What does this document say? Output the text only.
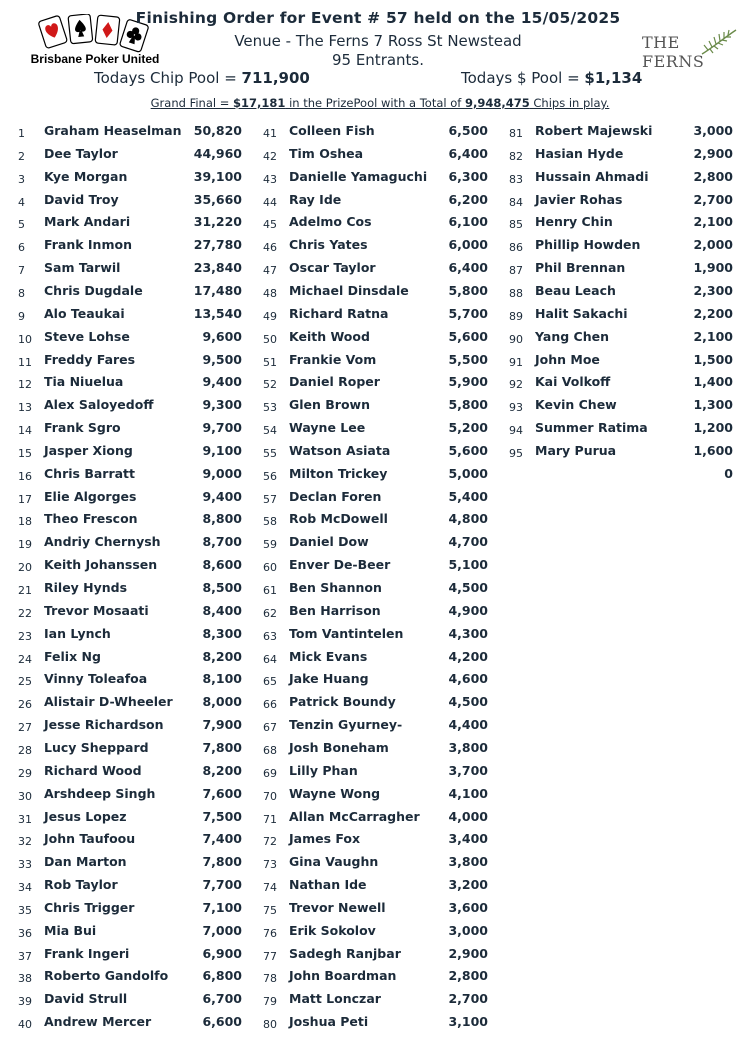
Brisbane Poker United
THE FERNS
Finishing Order for Event # 57 held on the 15/05/2025
Venue - The Ferns 7 Ross St Newstead
95 Entrants.
Todays Chip Pool = 711,900	Todays $ Pool = $1,134
Grand Final = $17,181 in the PrizePool with a Total of 9,948,475 Chips in play.
1 Graham Heaselman 50,820
2 Dee Taylor	44,960
3 Kye Morgan	39,100
4 David Troy	35,660
5 Mark Andari	31,220
6 Frank Inmon	27,780
7 Sam Tarwil	23,840
8 Chris Dugdale	17,480
9 Alo Teaukai	13,540
10 Steve Lohse	9,600
11 Freddy Fares	9,500
12 Tia Niuelua	9,400
13 Alex Saloyedoff	9,300
14 Frank Sgro	9,700
15 Jasper Xiong	9,100
16 Chris Barratt	9,000
17 Elie Algorges	9,400
18 Theo Frescon	8,800
19 Andriy Chernysh	8,700
20 Keith Johanssen	8,600
21 Riley Hynds	8,500
22 Trevor Mosaati	8,400
23 Ian Lynch	8,300
24 Felix Ng	8,200
25 Vinny Toleafoa	8,100
26 Alistair D-Wheeler 8,000
27 Jesse Richardson	7,900
28 Lucy Sheppard	7,800
29 Richard Wood	8,200
30 Arshdeep Singh	7,600
31 Jesus Lopez	7,500
32 John Taufoou	7,400
33 Dan Marton	7,800
34 Rob Taylor	7,700
35 Chris Trigger	7,100
36 Mia Bui	7,000
37 Frank Ingeri	6,900
38 Roberto Gandolfo	6,800
39 David Strull	6,700
40 Andrew Mercer	6,600
41 Colleen Fish	6,500
42 Tim Oshea	6,400
43 Danielle Yamaguchi 6,300
44 Ray Ide	6,200
45 Adelmo Cos	6,100
46 Chris Yates	6,000
47 Oscar Taylor	6,400
48 Michael Dinsdale	5,800
49 Richard Ratna	5,700
50 Keith Wood	5,600
51 Frankie Vom	5,500
52 Daniel Roper	5,900
53 Glen Brown	5,800
54 Wayne Lee	5,200
55 Watson Asiata	5,600
56 Milton Trickey	5,000
57 Declan Foren	5,400
58 Rob McDowell	4,800
59 Daniel Dow	4,700
60 Enver De-Beer	5,100
61 Ben Shannon	4,500
62 Ben Harrison	4,900
63 Tom Vantintelen	4,300
64 Mick Evans	4,200
65 Jake Huang	4,600
66 Patrick Boundy	4,500
67 Tenzin Gyurney-	4,400
68 Josh Boneham	3,800
69 Lilly Phan	3,700
70 Wayne Wong	4,100
71 Allan McCarragher 4,000
72 James Fox	3,400
73 Gina Vaughn	3,800
74 Nathan Ide	3,200
75 Trevor Newell	3,600
76 Erik Sokolov	3,000
77 Sadegh Ranjbar	2,900
78 John Boardman	2,800
79 Matt Lonczar	2,700
80 Joshua Peti	3,100
81 Robert Majewski	3,000
82 Hasian Hyde	2,900
83 Hussain Ahmadi	2,800
84 Javier Rohas	2,700
85 Henry Chin	2,100
86 Phillip Howden	2,000
87 Phil Brennan	1,900
88 Beau Leach	2,300
89 Halit Sakachi	2,200
90 Yang Chen	2,100
91 John Moe	1,500
92 Kai Volkoff	1,400
93 Kevin Chew	1,300
94 Summer Ratima	1,200
95 Mary Purua	1,600
0
